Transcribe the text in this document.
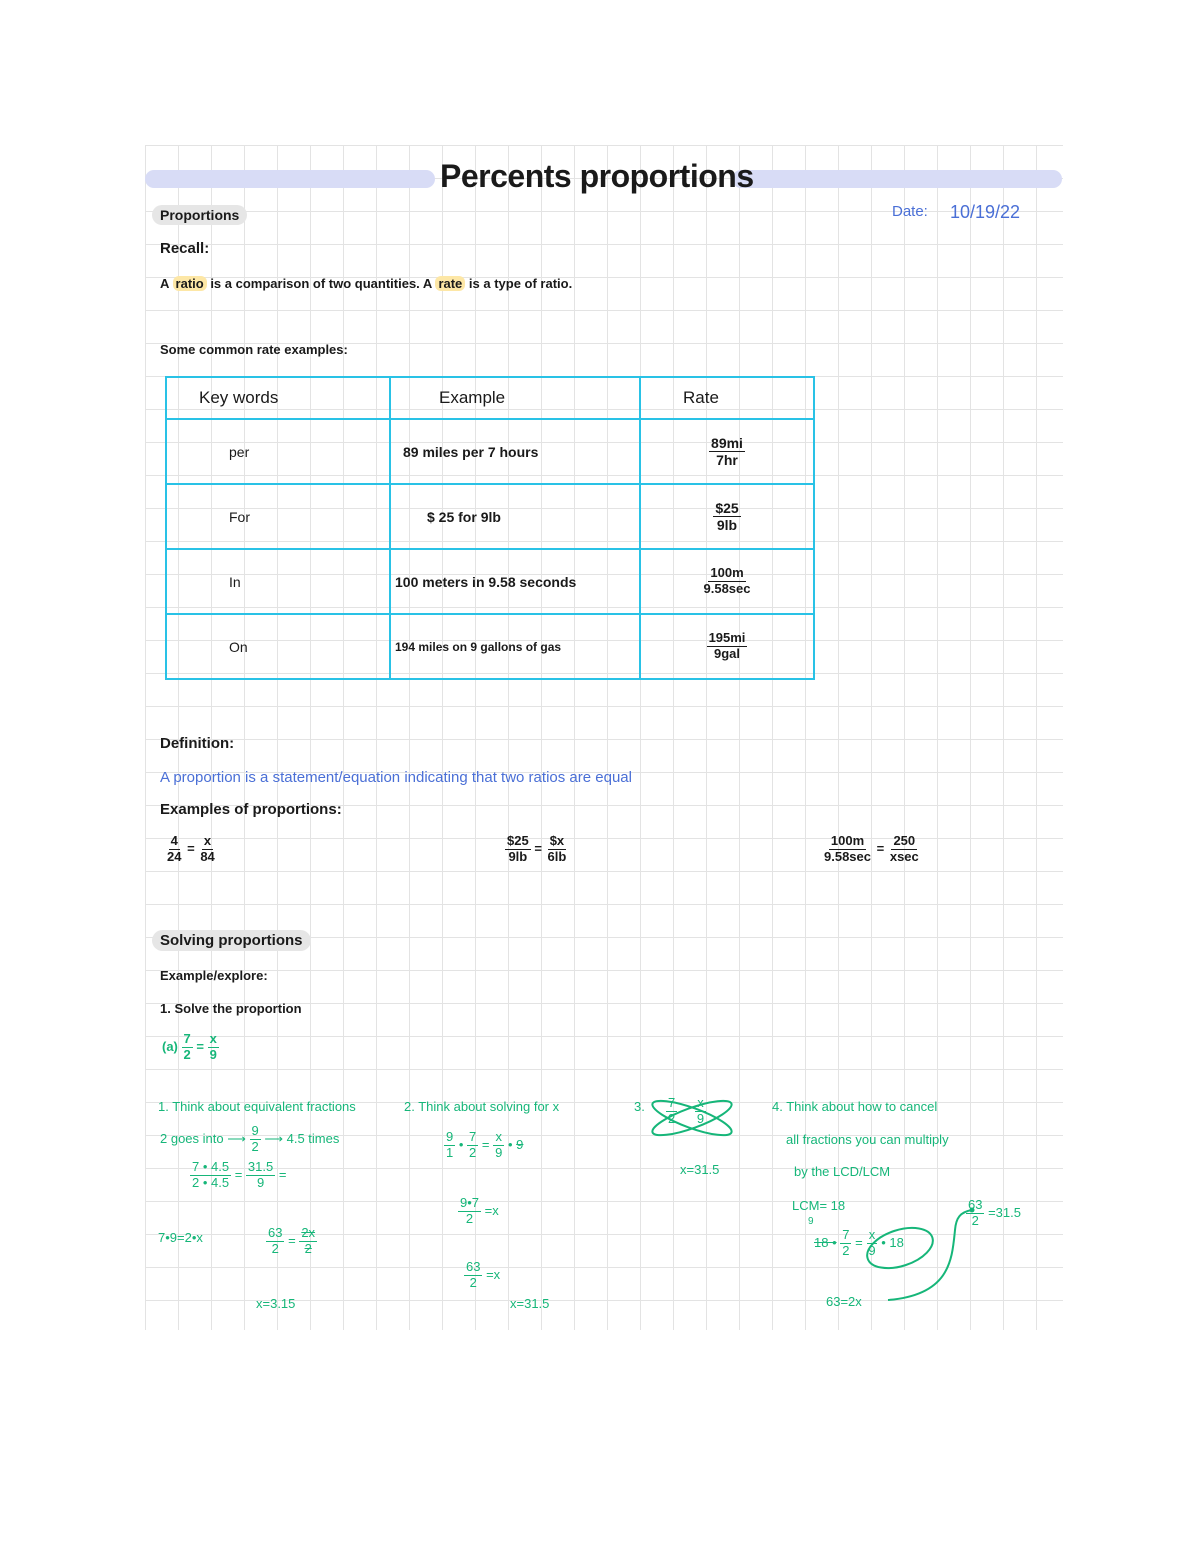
Percents proportions
Date: 10/19/22
Proportions
Recall:
A ratio is a comparison of two quantities. A rate is a type of ratio.
Some common rate examples:
Key words	Example	Rate
per	89 miles per 7 hours	$\frac{89mi}{7hr}$

For	$ 25 for 9lb	$\frac{\$25}{9lb}$

In	100 meters in 9.58 seconds	$\frac{100m}{9.58\sec}$

On	194 miles on 9 gallons of gas	$\frac{195mi}{\text{9gal}}$
Definition:
A proportion is a statement/equation indicating that two ratios are equal
Examples of proportions:
$\frac{4}{24} = \frac{x}{84}$	$\frac{\$25}{9lb} = \frac{\$x}{6lb}$	$\frac{100m}{9.58\sec} = \frac{250}{xsec}$
Solving proportions
Example/explore:
1. Solve the proportion
$(a) \frac{7}{2} = \frac{x}{9}$
1. Think about equivalent fractions
2 goes into ⟶ $\frac{9}{2}$ ⟶ 4.5 times
$\frac{7 • 4.5}{2 • 4.5} = \frac{31.5}{9}$ =
7•9=2•x	$\frac{63}{2} = \frac{2x}{2}$
x=3.15
2. Think about solving for x
$\frac{9}{1}$ • $\frac{7}{2} = \frac{x}{9}$ • 9
$\frac{9•7}{2} =x$
$\frac{63}{2} =x$
x=31.5
3. $\frac{7}{2}$
$\frac{x}{9}$
x=31.5
4. Think about how to cancel
all fractions you can multiply
by the LCD/LCM
LCM= 18
9
18 • $\frac{7}{2} = \frac{x}{9}$ • 18
63=2x
$\frac{63}{2} =31.5$
